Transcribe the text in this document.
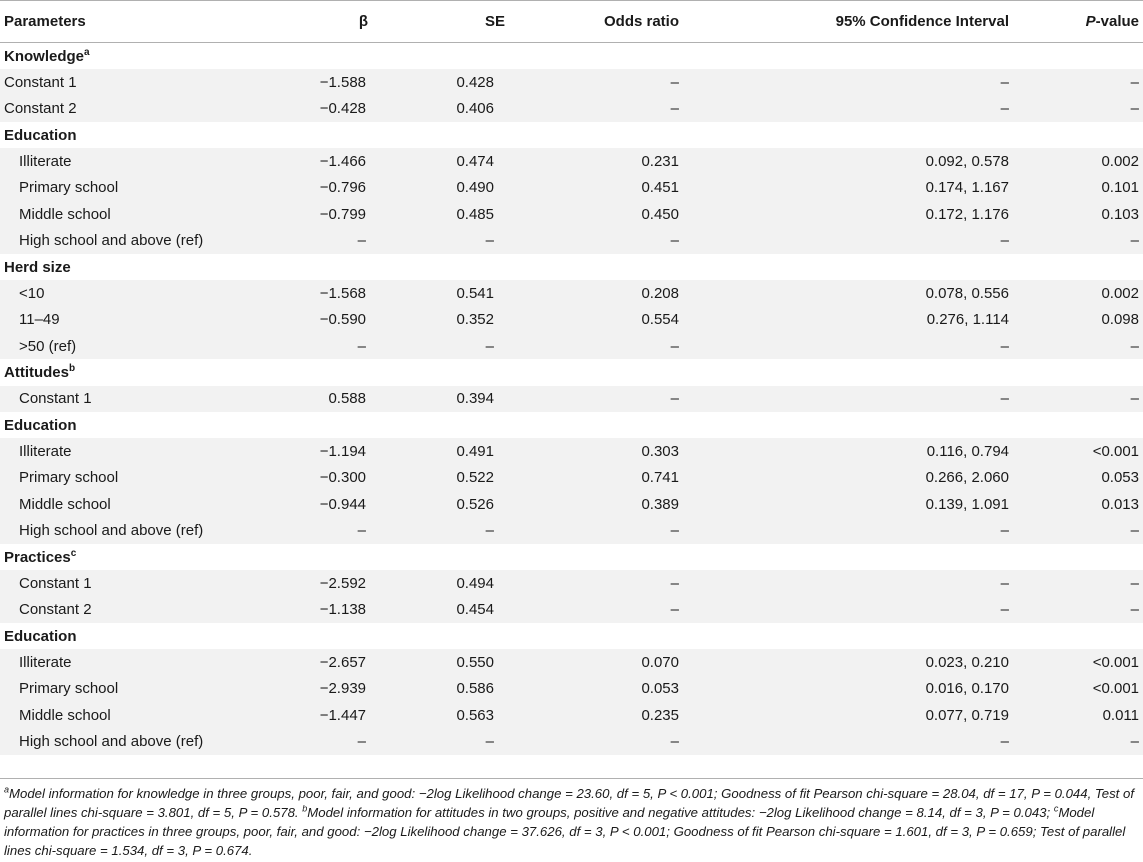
Parameters	β	SE	Odds ratio	95% Confidence Interval	P-value
Knowledge$^a$
Constant 1	−1.588	0.428	–	–	–
Constant 2	−0.428	0.406	–	–	–
Education					
Illiterate	−1.466	0.474	0.231	0.092, 0.578	0.002
Primary school	−0.796	0.490	0.451	0.174, 1.167	0.101
Middle school	−0.799	0.485	0.450	0.172, 1.176	0.103
High school and above (ref)	–	–	–	–	–
Herd size					
<10	−1.568	0.541	0.208	0.078, 0.556	0.002
11–49	−0.590	0.352	0.554	0.276, 1.114	0.098
>50 (ref)	–	–	–	–	–
Attitudes$^b$
Constant 1	0.588	0.394	–	–	–
Education					
Illiterate	−1.194	0.491	0.303	0.116, 0.794	<0.001
Primary school	−0.300	0.522	0.741	0.266, 2.060	0.053
Middle school	−0.944	0.526	0.389	0.139, 1.091	0.013
High school and above (ref)	–	–	–	–	–
Practices$^c$
Constant 1	−2.592	0.494	–	–	–
Constant 2	−1.138	0.454	–	–	–
Education					
Illiterate	−2.657	0.550	0.070	0.023, 0.210	<0.001
Primary school	−2.939	0.586	0.053	0.016, 0.170	<0.001
Middle school	−1.447	0.563	0.235	0.077, 0.719	0.011
High school and above (ref)	–	–	–	–	–
$^a$Model information for knowledge in three groups, poor, fair, and good: −2log Likelihood change = 23.60, df = 5, P < 0.001; Goodness of fit Pearson chi-square = 28.04, df = 17, P = 0.044, Test of parallel lines chi-square = 3.801, df = 5, P = 0.578. $^b$Model information for attitudes in two groups, positive and negative attitudes: −2log Likelihood change = 8.14, df = 3, P = 0.043; $^c$Model information for practices in three groups, poor, fair, and good: −2log Likelihood change = 37.626, df = 3, P < 0.001; Goodness of fit Pearson chi-square = 1.601, df = 3, P = 0.659; Test of parallel lines chi-square = 1.534, df = 3, P = 0.674.
